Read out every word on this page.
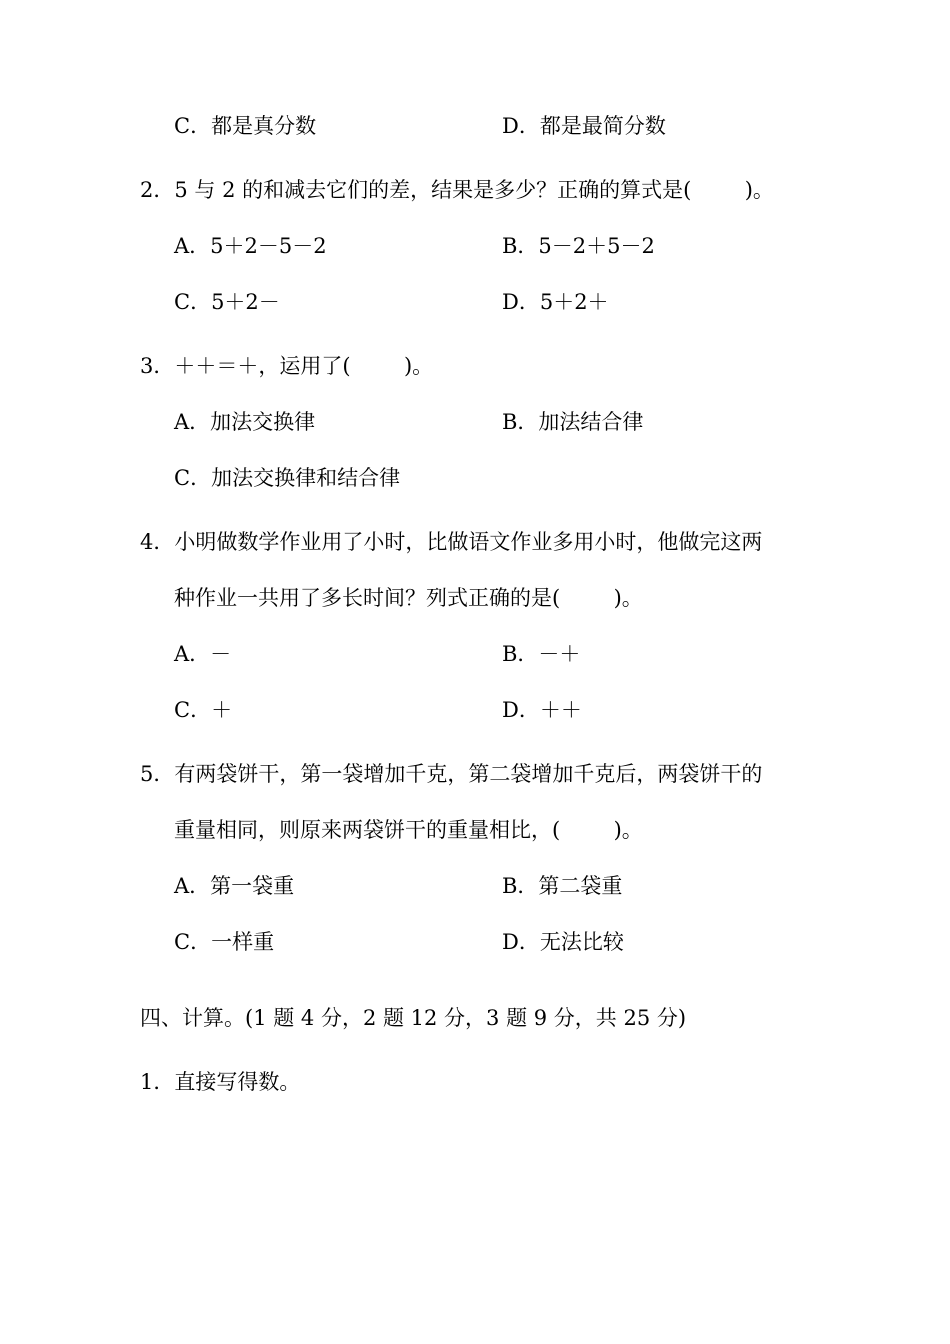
C．都是真分数	D．都是最简分数
2．5 与 2 的和减去它们的差，结果是多少？正确的算式是(        )。
A．5＋2－5－2	B．5－2＋5－2
C．5＋2－	D．5＋2＋
3．＋＋＝＋，运用了(        )。
A．加法交换律	B．加法结合律
C．加法交换律和结合律
4．小明做数学作业用了小时，比做语文作业多用小时，他做完这两
种作业一共用了多长时间？列式正确的是(        )。
A．－	B．－＋
C．＋	D．＋＋
5．有两袋饼干，第一袋增加千克，第二袋增加千克后，两袋饼干的
重量相同，则原来两袋饼干的重量相比，(        )。
A．第一袋重	B．第二袋重
C．一样重	D．无法比较
四、计算。(1 题 4 分，2 题 12 分，3 题 9 分，共 25 分)
1．直接写得数。
